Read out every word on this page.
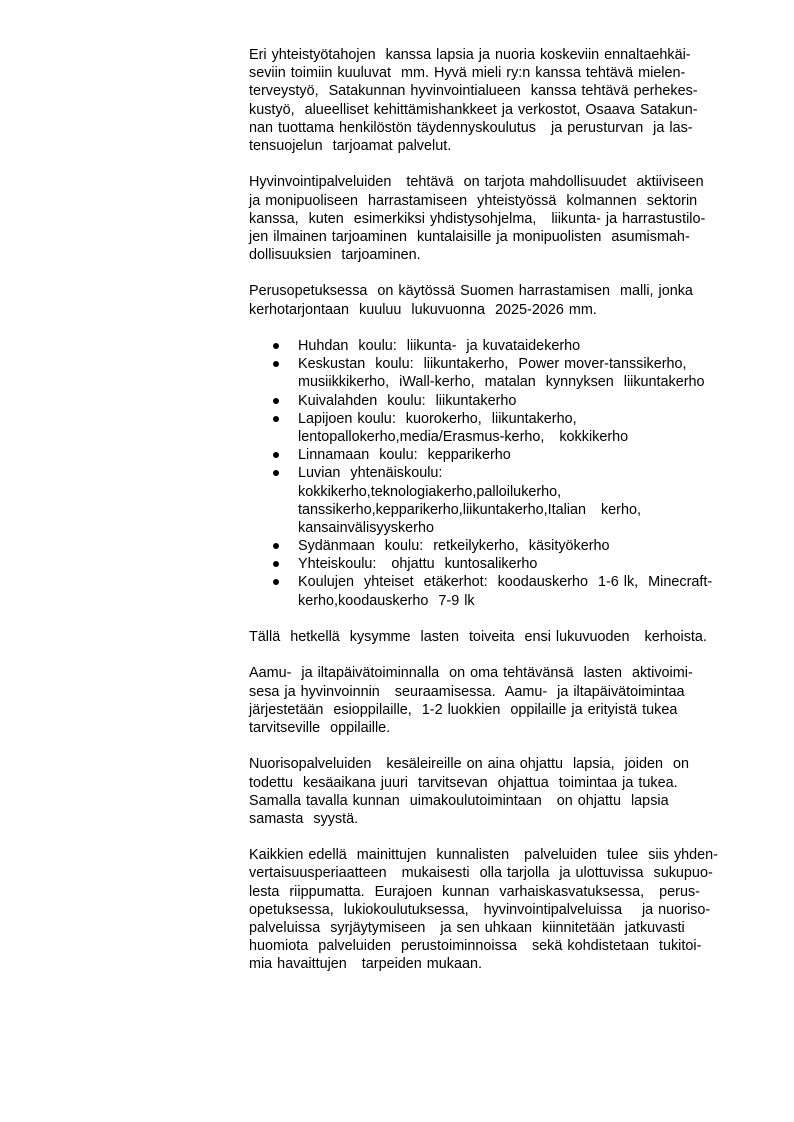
Eri yhteistyötahojen  kanssa lapsia ja nuoria koskeviin ennaltaehkäi-
seviin toimiin kuuluvat  mm. Hyvä mieli ry:n kanssa tehtävä mielen-
terveystyö,  Satakunnan hyvinvointialueen  kanssa tehtävä perhekes-
kustyö,  alueelliset kehittämishankkeet ja verkostot, Osaava Satakun-
nan tuottama henkilöstön täydennyskoulutus   ja perusturvan  ja las-
tensuojelun  tarjoamat palvelut.
Hyvinvointipalveluiden   tehtävä  on tarjota mahdollisuudet  aktiiviseen
ja monipuoliseen  harrastamiseen  yhteistyössä  kolmannen  sektorin
kanssa,  kuten  esimerkiksi yhdistysohjelma,   liikunta- ja harrastustilo-
jen ilmainen tarjoaminen  kuntalaisille ja monipuolisten  asumismah-
dollisuuksien  tarjoaminen.
Perusopetuksessa  on käytössä Suomen harrastamisen  malli, jonka
kerhotarjontaan  kuuluu  lukuvuonna  2025-2026 mm.
Huhdan  koulu:  liikunta-  ja kuvataidekerho
Keskustan  koulu:  liikuntakerho,  Power mover-tanssikerho,
musiikkikerho,  iWall-kerho,  matalan  kynnyksen  liikuntakerho
Kuivalahden  koulu:  liikuntakerho
Lapijoen koulu:  kuorokerho,  liikuntakerho,
lentopallokerho,media/Erasmus-kerho,   kokkikerho
Linnamaan  koulu:  kepparikerho
Luvian  yhtenäiskoulu:
kokkikerho,teknologiakerho,palloilukerho,
tanssikerho,kepparikerho,liikuntakerho,Italian   kerho,
kansainvälisyyskerho
Sydänmaan  koulu:  retkeilykerho,  käsityökerho
Yhteiskoulu:   ohjattu  kuntosalikerho
Koulujen  yhteiset  etäkerhot:  koodauskerho  1-6 lk,  Minecraft-
kerho,koodauskerho  7-9 lk
Tällä  hetkellä  kysymme  lasten  toiveita  ensi lukuvuoden   kerhoista.
Aamu-  ja iltapäivätoiminnalla  on oma tehtävänsä  lasten  aktivoimi-
sesa ja hyvinvoinnin   seuraamisessa.  Aamu-  ja iltapäivätoimintaa
järjestetään  esioppilaille,  1-2 luokkien  oppilaille ja erityistä tukea
tarvitseville  oppilaille.
Nuorisopalveluiden   kesäleireille on aina ohjattu  lapsia,  joiden  on
todettu  kesäaikana juuri  tarvitsevan  ohjattua  toimintaa ja tukea.
Samalla tavalla kunnan  uimakoulutoimintaan   on ohjattu  lapsia
samasta  syystä.
Kaikkien edellä  mainittujen  kunnalisten   palveluiden  tulee  siis yhden-
vertaisuusperiaatteen   mukaisesti  olla tarjolla  ja ulottuvissa  sukupuo-
lesta  riippumatta.  Eurajoen  kunnan  varhaiskasvatuksessa,   perus-
opetuksessa,  lukiokoulutuksessa,   hyvinvointipalveluissa    ja nuoriso-
palveluissa  syrjäytymiseen   ja sen uhkaan  kiinnitetään  jatkuvasti
huomiota  palveluiden  perustoiminnoissa   sekä kohdistetaan  tukitoi-
mia havaittujen   tarpeiden mukaan.
